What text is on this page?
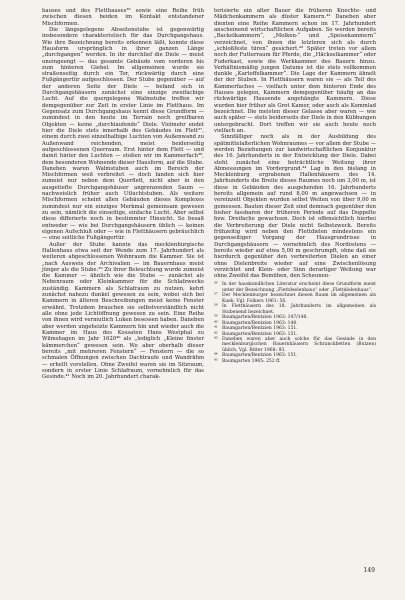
hauses und des Fletthauses³⁶ sowie eine Reihe früh zwischen diesen beiden im Kontakt entstandener Mischformen.

Die längsgelegene Abseitenstube ist gegenwärtig insbesondere charakteristisch für das Durchgangshaus. Wie ihre Bezeichnung bereits erkennen läßt, konnte diese Hausform ursprünglich in ihrer ganzen Länge „durchgangen“ werden. In ihr durchlief die Diele — meist uneingeengt — das gesamte Gebäude vom vorderen bis zum hinteren Giebel. Im allgemeinen wurde sie straßenseitig durch ein Tor, rückwärtig durch eine Fußgängertür aufgeschlossen. Der Stube gegenüber — auf der anderen Seite der Diele — befand sich in Durchgangshäusern zunächst eine einzige zweifachige Lucht. Auf die quergelegene Walmstube treffen wir demgegenüber zur Zeit in erster Linie im Fletthaus. Im Gegensatz zum Durchgangshaus kennt diese Grundform — zumindest in den heute im Terrain noch greifbaren Objekten — keine „durchlaufende“ Diele. Vielmehr endet hier die Diele stets innerhalb des Gebäudes im Flett³⁷, einem durch zwei einzelhalbige Luchten von Außenwand zu Außenwand reichenden, meist beiderseitig aufgeschlossenen Querraum. Erst hinter dem Flett — und damit hinter den Luchten — stoßen wir im Kammerfach³⁸, dem besonderen Wohnende dieser Hausform, auf die Stube. Daneben waren Walmstuben auch im Bereich der Mischformen weit verbreitet — doch fanden sich hier zumeist nur neben dem Querflett, nicht aber in den ausgetiefte Durchgangshäuser angrenzenden Saum — nachweislich früher auch Utluchtstuben. Als weitere Mischformen scheint allen Gebäuden dieses Komplexes zumindest nur ein einziges Merkmal gemeinsam gewesen zu sein, nämlich die einseitige, einfache Lucht. Aber selbst diese differierte noch in bestimmter Hinsicht. So besaß entweder — wie bei Durchgangshäusern üblich — keinen eigenen Aufschluß oder — wie in Fletthäusern gebräuchlich — eine seitliche Fußgängertür.

Außer der Stube kannte das mecklenburgische Hallenhaus etwa seit der Wende zum 17. Jahrhundert als weiteren abgeschlossenen Wohnraum die Kammer. Sie ist „nach Ausweis der Archivalien — im Bauernhaus meist jünger als die Stube.³⁹ Zu ihrer Beleuchtung wurde zumeist die Kammer — ähnlich wie die Stube — zunächst als Nebenraum oder Kleinkammer für die Schlafzwecke zuständig. Kammern als Schlafraum zu nutzen, kehrt zunächst nahezu dunkel gewesen zu sein, wobei sich bei Kammern in älteren Beschreibungen meist keine Fenster erwähnt. Trotzdem brauchen sie selbstverständlich nicht alle ohne jede Lichtöffnung gewesen zu sein. Eine Reihe von ihnen wird vermutlich Luken besessen haben. Daneben aber werden ungeheizte Kammern hin und wieder auch die Kammer im Haus des Kossaten Hans Westphal zu Wilmshagen im Jahr 1620⁴⁰ als „lediglich „Kleine finster kämmerchen“ gewesen sein. Wo aber oberhalb dieser bereits „mit mehreren Fenstern“ — Fenstern — die so schmalen Öffnungen zwischen Dachtraufe und Wandrähm — erhellt vorstellen. Ohne Zweifel waren sie im Sitzraum, sondern in erster Linie Schlafraum, vornehmlich für das Gesinde.⁴¹ Noch im 20. Jahrhundert charak-

terisierte ein alter Bauer die früheren Knechte- und Mädchenkammern als düster Kamern.⁴² Daneben aber dienten eine Reihe Kammern schon im 17. Jahrhundert anscheinend wirtschaftlichen Aufgaben. So werden bereits „Backelkammern“, „Molken-“ und „Speisekammern“ verzeichnet, von ihnen die letzteren sich als durch „schloßfeste türen“ gesichert.⁴³ Später treten vor allem noch der Futterraum für Pferde, die „Häckselkammer“ oder Fuderkast, sowie die Werkkammer des Bauern hinzu. Verhältnismäßig jungen Datums ist die stets vollkommen dunkle „Kartoffelkammer“. Die Lage der Kammern ähnelt der der Stuben. In Fletthäusern waren sie — als Teil des Kammerfaches — vielfach unter dem hinteren Ende des Hauses gelegen, Kammern demgegenüber häufig an das rückwärtige Hausende angehängte Kammern. Diese wurden hier früher als Grot Kamer, oder auch als Kommlad bezeichnet. Die meisten dieser Gelasse aber waren — wie auch später — stets beiderseits der Diele in den Kübbungen untergebracht. Dort treffen wir sie auch heute noch vielfach an.

Sinnfälliger noch als in der Ausbildung des spätmittelalterlichen Wohnraumes — vor allem der Stube — werden Beziehungen zur landwirtschaftlichen Konjunktur des 16. Jahrhunderts in der Entwicklung der Diele. Dabei steht zunächst eine beträchtliche Weitung ihrer Abmessungen im Vordergrund.⁴⁴ Lag in den bislang in Mecklenburg ergrabenen Hallenhäusern des 14. Jahrhunderts die Breite dieses Raumes noch um 3,00 m, ist diese in Gebäuden des ausgehenden 16. Jahrhunderts bereits allgemein auf rund 8,00 m angewachsen — in vereinzelt Objekten wurden selbst Weiten von über 9,00 m gemessen. Bauten dieser Zeit sind demnach gegenüber den bisher fassbaren der früheren Periode auf das Doppelte bzw. Dreifache gewachsen. Doch ist offensichtlich hierbei die Verbreiterung der Diele nicht Selbstzweck. Bereits frühzeitig wird neben den Flettdielen mindestens ein gegenseitiger Vorgang der Hausgrundrisse in Durchgangshäusern — vornehmlich des Nordostens — bereits wieder auf etwa 5,00 m geschrumpft, ohne daß sie hierdurch gegenüber den verbreiterten Dielen an einer ohne Dielenbreite wieder auf eine Zwischenlösung verzichtet und Klein- oder Sinn derartiger Weitung war ohne Zweifel das Bemühen, den Scheunen-

³⁶ In der hauskundlichen Literatur erscheint diese Grundform meist unter der Bezeichnung „Flettdeelenhaus“ oder „Flettdielenhaus“.
³⁷ Der Mecklenburger bezeichnet diesen Raum im allgemeinen als Kuek. Vgl. Folkers 1961: 56.
³⁸ In Fletthäusern des 18. Jahrhunderts im allgemeinen als Stubenend bezeichnet.
³⁹ Baumgarten/Bentzien 1963: 147/148.
⁴⁰ Baumgarten/Bentzien 1963: 148.
⁴¹ Baumgarten/Bentzien 1963: 151.
⁴² Baumgarten/Bentzien 1963: 151.
⁴³ Daneben waren aber auch solche für das Gesinde in den mecklenburgischen Bauernhäusern Schranckbetten (Butzen) üblich. Vgl. Ritter 1968: 93.
⁴⁴ Baumgarten/Bentzien 1963: 151.
⁴⁵ Baumgarten 1965: 252 ff.
149
